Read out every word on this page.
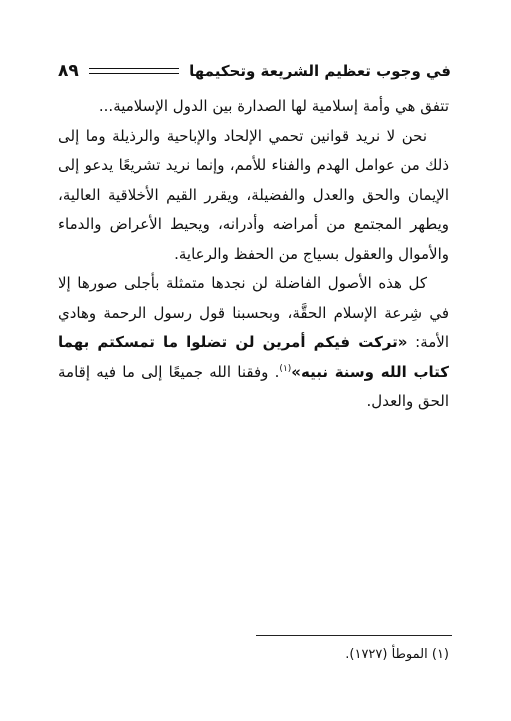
في وجوب تعظيم الشريعة وتحكيمها
٨٩

تتفق هي وأمة إسلامية لها الصدارة بين الدول الإسلامية...

نحن لا نريد قوانين تحمي الإلحاد والإباحية والرذيلة وما إلى ذلك من عوامل الهدم والفناء للأمم، وإنما نريد تشريعًا يدعو إلى الإيمان والحق والعدل والفضيلة، ويقرر القيم الأخلاقية العالية، ويطهر المجتمع من أمراضه وأدرانه، ويحيط الأعراض والدماء والأموال والعقول بسياج من الحفظ والرعاية.

كل هذه الأصول الفاضلة لن نجدها متمثلة بأجلى صورها إلا في شِرعة الإسلام الحقَّة، وبحسبنا قول رسول الرحمة وهادي الأمة: «تركت فيكم أمرين لن تضلوا ما تمسكتم بهما كتاب الله وسنة نبيه»$^{(١)}$. وفقنا الله جميعًا إلى ما فيه إقامة الحق والعدل.

(١) الموطأ (١٧٢٧).
